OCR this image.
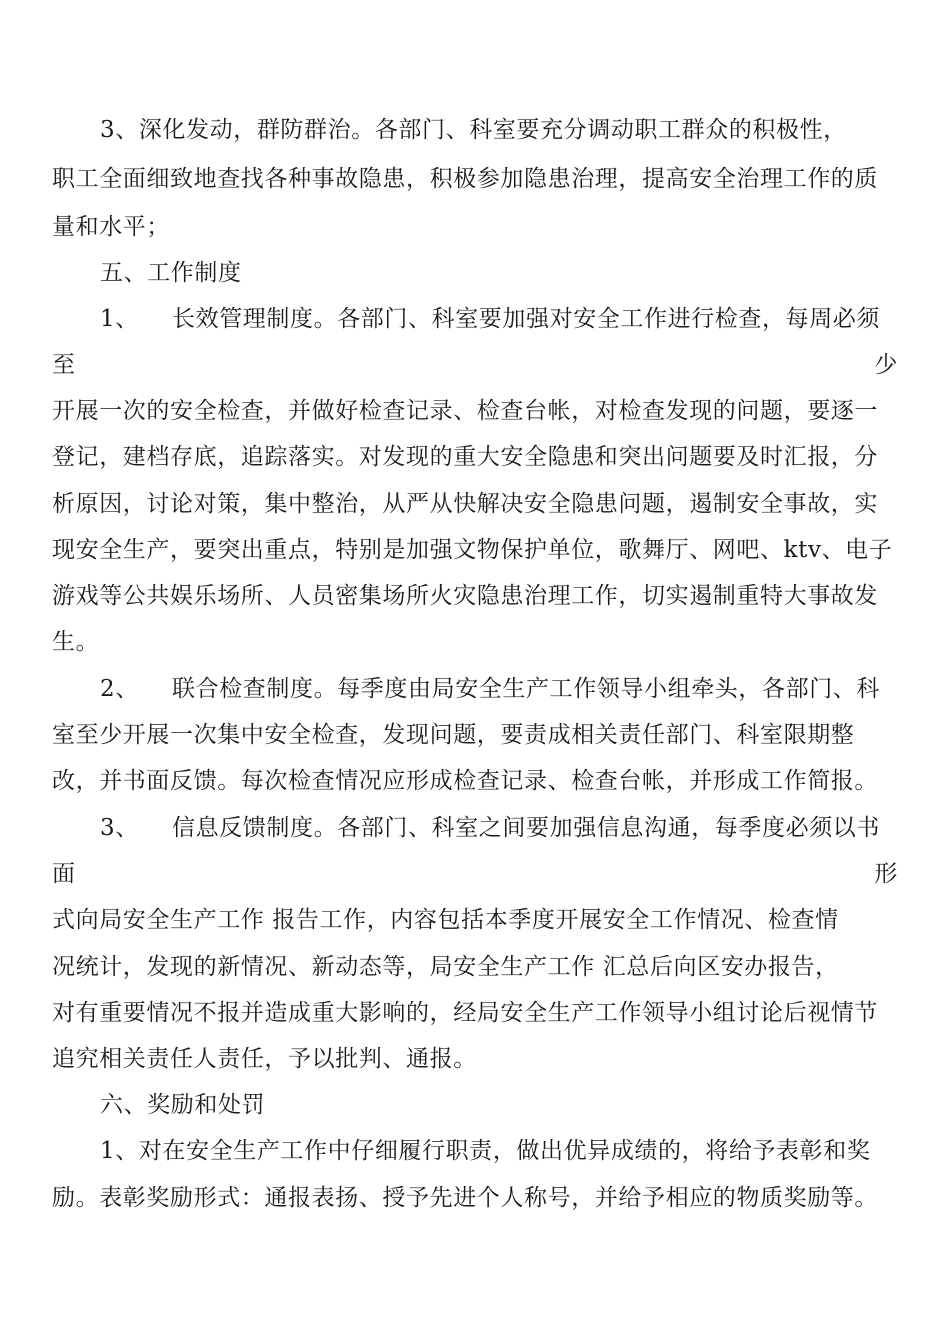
3、深化发动，群防群治。各部门、科室要充分调动职工群众的积极性，
职工全面细致地查找各种事故隐患，积极参加隐患治理，提高安全治理工作的质
量和水平；
五、工作制度
1、 长效管理制度。各部门、科室要加强对安全工作进行检查，每周必须
至	少
开展一次的安全检查，并做好检查记录、检查台帐，对检查发现的问题，要逐一
登记，建档存底，追踪落实。对发现的重大安全隐患和突出问题要及时汇报，分
析原因，讨论对策，集中整治，从严从快解决安全隐患问题，遏制安全事故，实
现安全生产，要突出重点，特别是加强文物保护单位，歌舞厅、网吧、ktv、电子
游戏等公共娱乐场所、人员密集场所火灾隐患治理工作，切实遏制重特大事故发
生。
2、 联合检查制度。每季度由局安全生产工作领导小组牵头，各部门、科
室至少开展一次集中安全检查，发现问题，要责成相关责任部门、科室限期整
改，并书面反馈。每次检查情况应形成检查记录、检查台帐，并形成工作简报。
3、 信息反馈制度。各部门、科室之间要加强信息沟通，每季度必须以书
面	形
式向局安全生产工作 报告工作，内容包括本季度开展安全工作情况、检查情
况统计，发现的新情况、新动态等，局安全生产工作 汇总后向区安办报告，
对有重要情况不报并造成重大影响的，经局安全生产工作领导小组讨论后视情节
追究相关责任人责任，予以批判、通报。
六、奖励和处罚
1、对在安全生产工作中仔细履行职责，做出优异成绩的，将给予表彰和奖
励。表彰奖励形式：通报表扬、授予先进个人称号，并给予相应的物质奖励等。
